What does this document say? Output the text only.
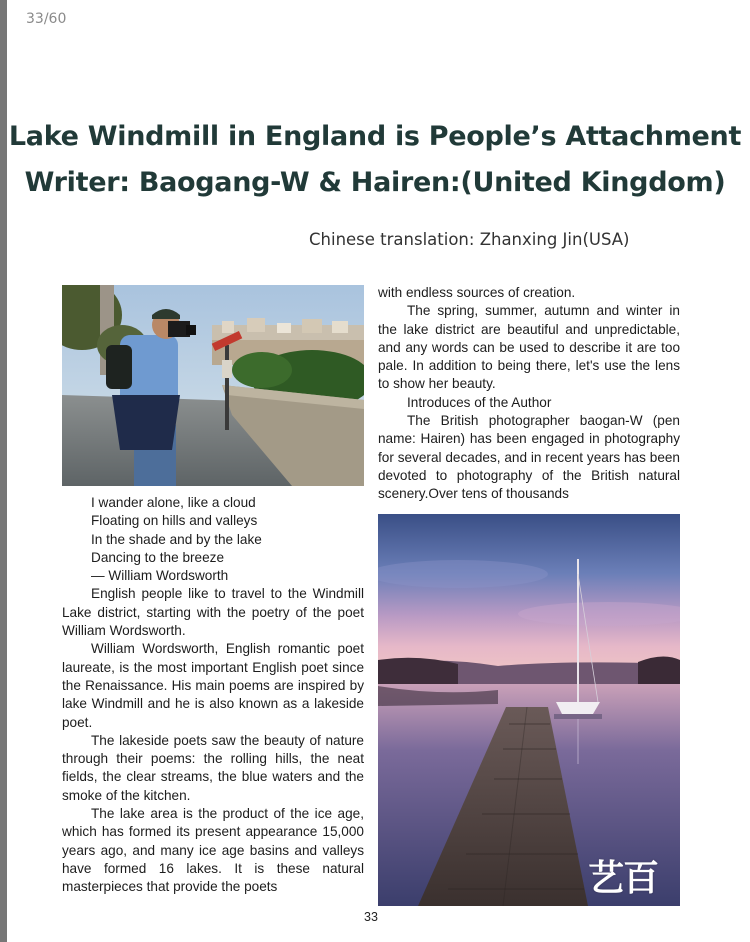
33/60
Lake Windmill in England is People’s Attachment
Writer: Baogang-W & Hairen:(United Kingdom)
Chinese translation: Zhanxing Jin(USA)

I wander alone, like a cloud

Floating on hills and valleys

In the shade and by the lake

Dancing to the breeze

— William Wordsworth

English people like to travel to the Windmill Lake district, starting with the poetry of the poet William Wordsworth.

William Wordsworth, English romantic poet laureate, is the most important English poet since the Renaissance. His main poems are inspired by lake Windmill and he is also known as a lakeside poet.

The lakeside poets saw the beauty of nature through their poems: the rolling hills, the neat fields, the clear streams, the blue waters and the smoke of the kitchen.

The lake area is the product of the ice age, which has formed its present appearance 15,000 years ago, and many ice age basins and valleys have formed 16 lakes. It is these natural masterpieces that provide the poets

with endless sources of creation.

The spring, summer, autumn and winter in the lake district are beautiful and unpredictable, and any words can be used to describe it are too pale. In addition to being there, let's use the lens to show her beauty.

Introduces of the Author

The British photographer baogan-W (pen name: Hairen) has been engaged in photography for several decades, and in recent years has been devoted to photography of the British natural scenery.Over tens of thousands

艺百
33
